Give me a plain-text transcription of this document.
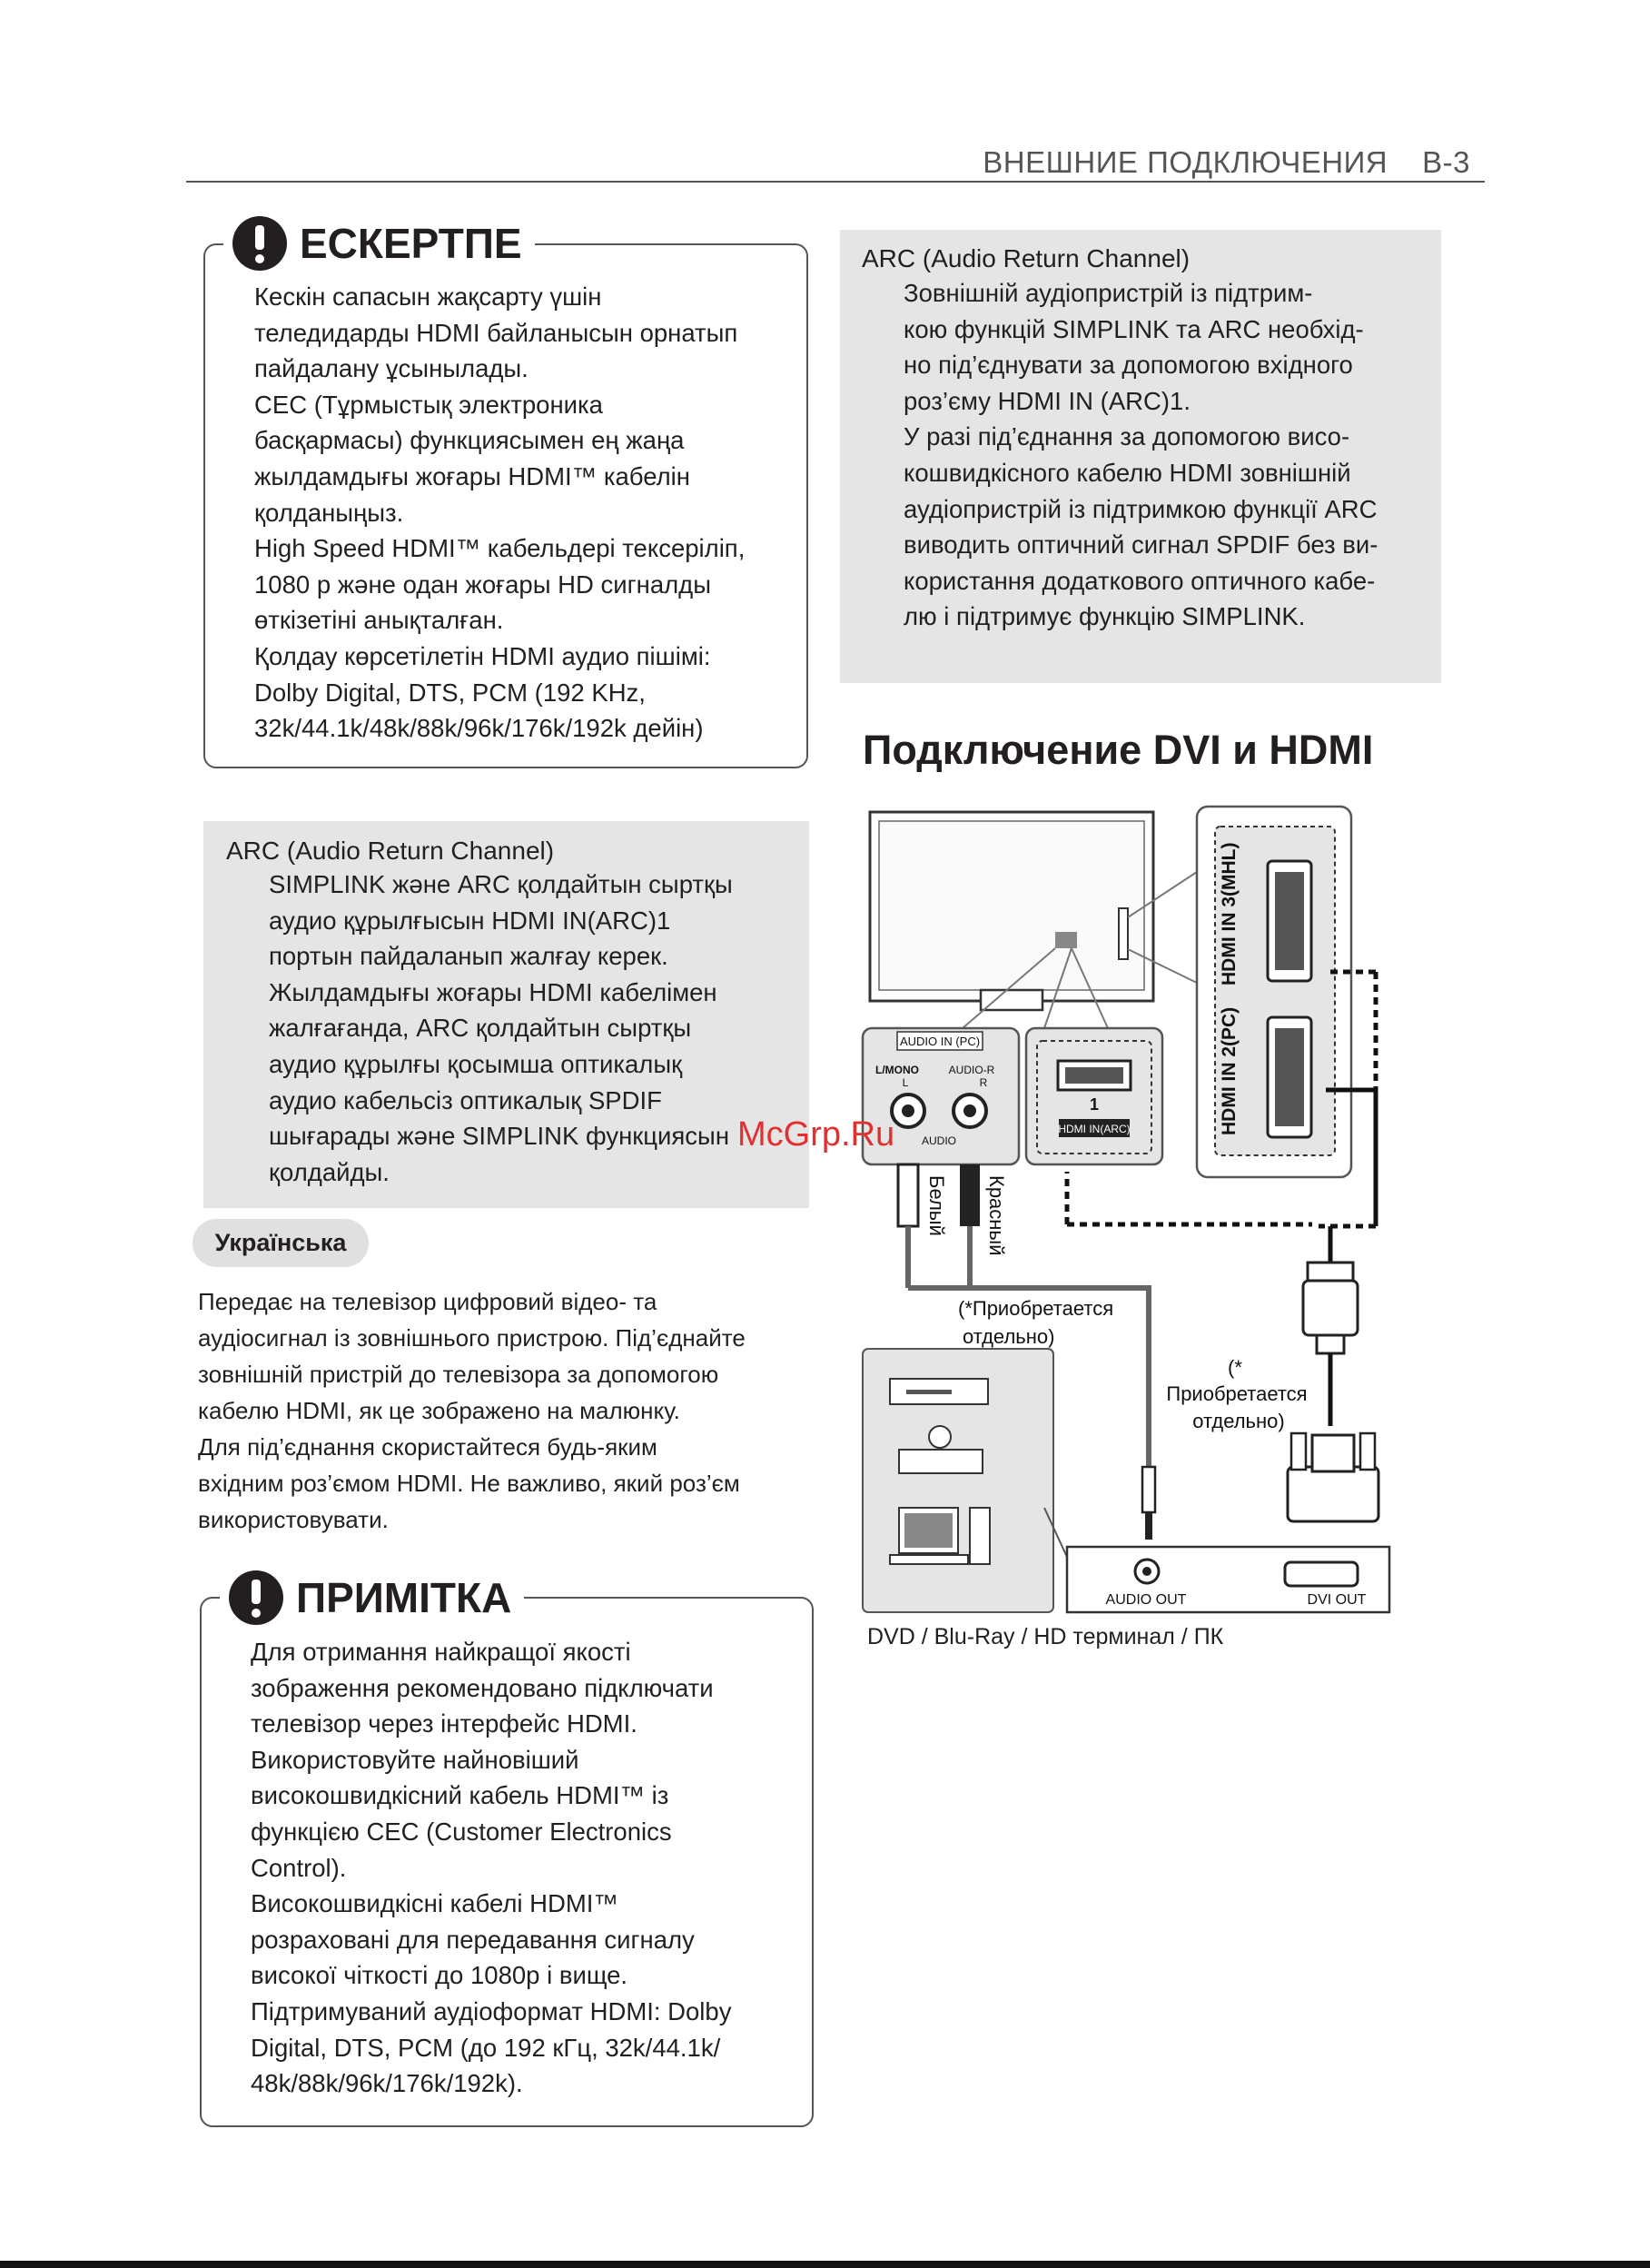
ВНЕШНИЕ ПОДКЛЮЧЕНИЯ В-3
ЕСКЕРТПЕ
Кескін сапасын жақсарту үшін
теледидарды HDMI байланысын орнатып
пайдалану ұсынылады.
CEC (Тұрмыстық электроника
басқармасы) функциясымен ең жаңа
жылдамдығы жоғары HDMI™ кабелін
қолданыңыз.
High Speed HDMI™ кабельдері тексеріліп,
1080 p және одан жоғары HD сигналды
өткізетіні анықталған.
Қолдау көрсетілетін HDMI аудио пішімі:
Dolby Digital, DTS, PCM (192 KHz,
32k/44.1k/48k/88k/96k/176k/192k дейін)
ARC (Audio Return Channel)
SIMPLINK және ARC қолдайтын сыртқы
аудио құрылғысын HDMI IN(ARC)1
портын пайдаланып жалғау керек.
Жылдамдығы жоғары HDMI кабелімен
жалғағанда, ARC қолдайтын сыртқы
аудио құрылғы қосымша оптикалық
аудио кабельсіз оптикалық SPDIF
шығарады және SIMPLINK функциясын
қолдайды.
ARC (Audio Return Channel)
Зовнішній аудіопристрій із підтрим-
кою функцій SIMPLINK та ARC необхід-
но під’єднувати за допомогою вхідного
роз’єму HDMI IN (ARC)1.
У разі під’єднання за допомогою висо-
кошвидкісного кабелю HDMI зовнішній
аудіопристрій із підтримкою функції ARC
виводить оптичний сигнал SPDIF без ви-
користання додаткового оптичного кабе-
лю і підтримує функцію SIMPLINK.
Українська
Передає на телевізор цифровий відео- та
аудіосигнал із зовнішнього пристрою. Під’єднайте
зовнішній пристрій до телевізора за допомогою
кабелю HDMI, як це зображено на малюнку.
Для під’єднання скористайтеся будь-яким
вхідним роз’ємом HDMI. Не важливо, який роз’єм
використовувати.
ПРИМІТКА
Для отримання найкращої якості
зображення рекомендовано підключати
телевізор через інтерфейс HDMI.
Використовуйте найновіший
високошвидкісний кабель HDMI™ із
функцією CEC (Customer Electronics
Control).
Високошвидкісні кабелі HDMI™
розраховані для передавання сигналу
високої чіткості до 1080р і вище.
Підтримуваний аудіоформат HDMI: Dolby
Digital, DTS, PCM (до 192 кГц, 32k/44.1k/
48k/88k/96k/176k/192k).
Подключение DVI и HDMI
HDMI IN 3(MHL)
HDMI IN 2(PC)
AUDIO IN (PC)
L/MONO	AUDIO-R
L	R
AUDIO
1
HDMI IN(ARC)
Белый Красный
(*Приобретается
отдельно)
(*
Приобретается
отдельно)
AUDIO OUT	DVI OUT
DVD / Blu-Ray / HD терминал / ПК
McGrp.Ru
